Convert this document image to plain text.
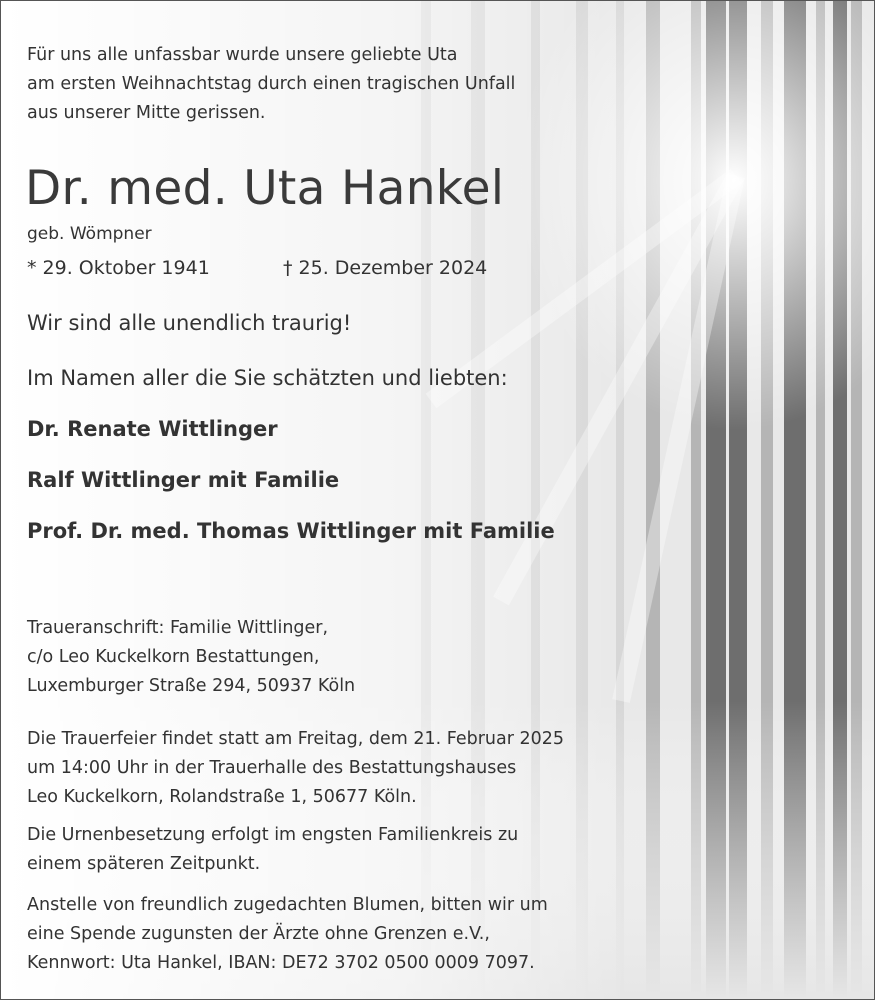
Für uns alle unfassbar wurde unsere geliebte Uta
am ersten Weihnachtstag durch einen tragischen Unfall
aus unserer Mitte gerissen.
Dr. med. Uta Hankel
geb. Wömpner
* 29. Oktober 1941	† 25. Dezember 2024
Wir sind alle unendlich traurig!
Im Namen aller die Sie schätzten und liebten:
Dr. Renate Wittlinger
Ralf Wittlinger mit Familie
Prof. Dr. med. Thomas Wittlinger mit Familie
Traueranschrift: Familie Wittlinger,
c/o Leo Kuckelkorn Bestattungen,
Luxemburger Straße 294, 50937 Köln
Die Trauerfeier findet statt am Freitag, dem 21. Februar 2025
um 14:00 Uhr in der Trauerhalle des Bestattungshauses
Leo Kuckelkorn, Rolandstraße 1, 50677 Köln.
Die Urnenbesetzung erfolgt im engsten Familienkreis zu
einem späteren Zeitpunkt.
Anstelle von freundlich zugedachten Blumen, bitten wir um
eine Spende zugunsten der Ärzte ohne Grenzen e.V.,
Kennwort: Uta Hankel, IBAN: DE72 3702 0500 0009 7097.
